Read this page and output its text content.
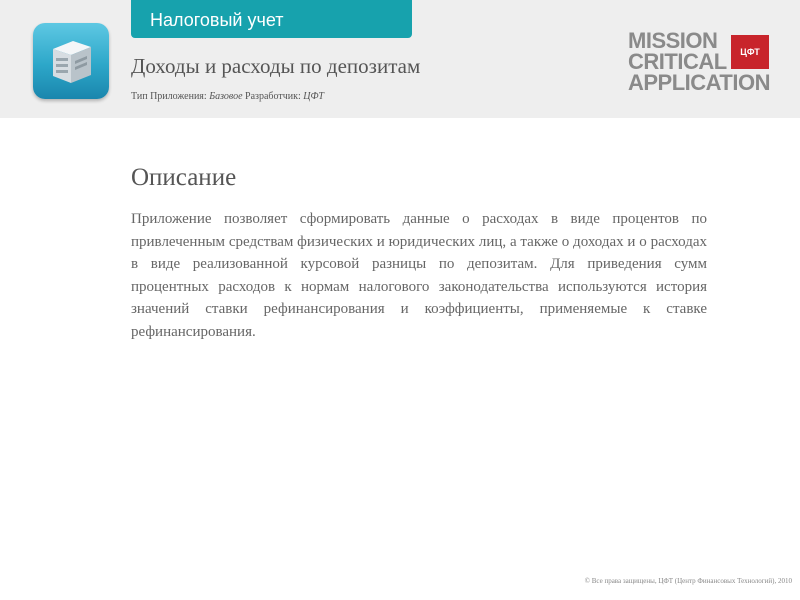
Налоговый учет
Доходы и расходы по депозитам
Тип Приложения: Базовое Разработчик: ЦФТ
MISSION
CRITICAL
APPLICATION
ЦФТ
Описание
Приложение позволяет сформировать данные о расходах в виде процентов по привлеченным средствам физических и юридических лиц, а также о доходах и о расходах в виде реализованной курсовой разницы по депозитам. Для приведения сумм процентных расходов к нормам налогового законодательства используются история значений ставки рефинансирования и коэффициенты, применяемые к ставке рефинансирования.
© Все права защищены, ЦФТ (Центр Финансовых Технологий), 2010
